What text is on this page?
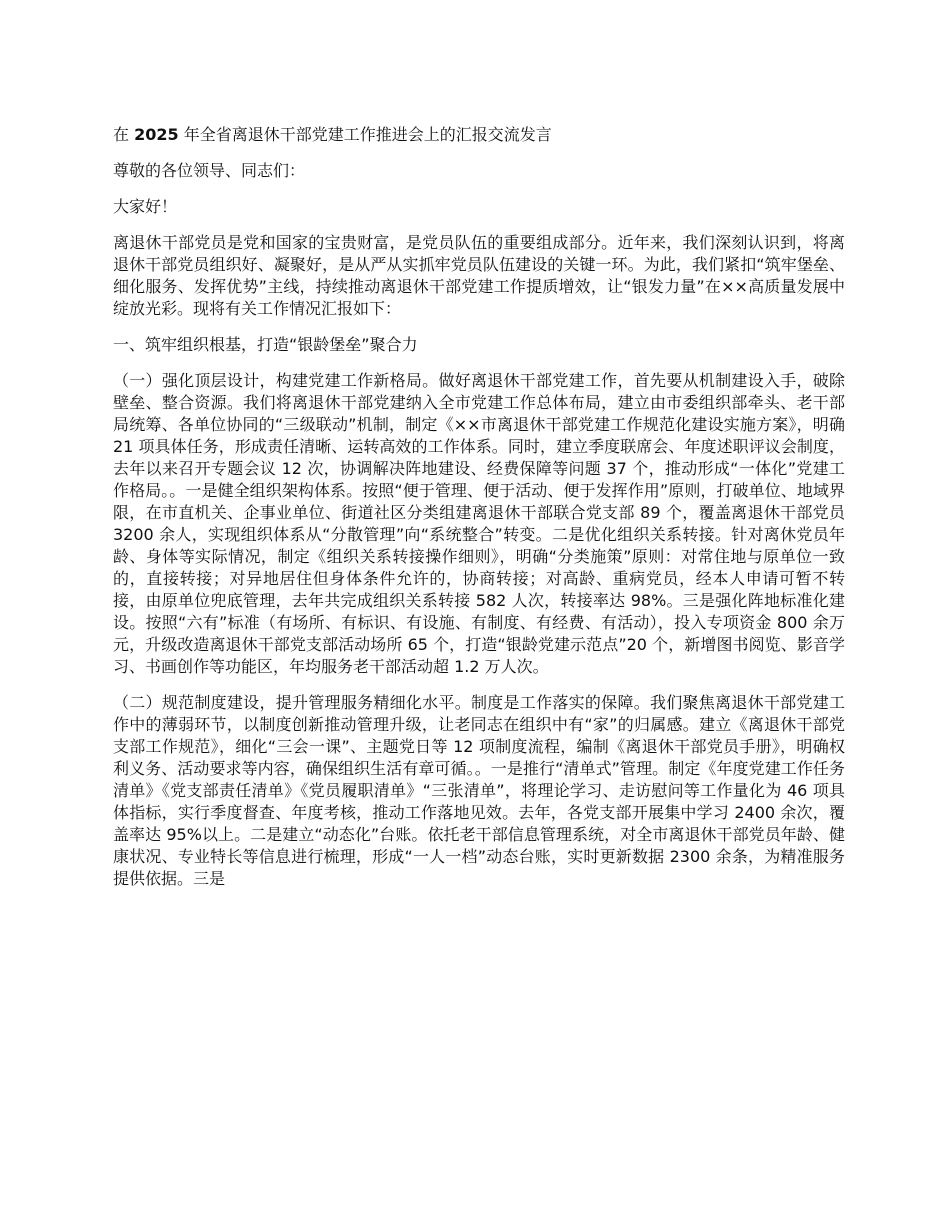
在 2025 年全省离退休干部党建工作推进会上的汇报交流发言

尊敬的各位领导、同志们：

大家好！

离退休干部党员是党和国家的宝贵财富，是党员队伍的重要组成部分。近年来，我们深刻认识到，将离退休干部党员组织好、凝聚好，是从严从实抓牢党员队伍建设的关键一环。为此，我们紧扣“筑牢堡垒、细化服务、发挥优势”主线，持续推动离退休干部党建工作提质增效，让“银发力量”在××高质量发展中绽放光彩。现将有关工作情况汇报如下：

一、筑牢组织根基，打造“银龄堡垒”聚合力

（一）强化顶层设计，构建党建工作新格局。做好离退休干部党建工作，首先要从机制建设入手，破除壁垒、整合资源。我们将离退休干部党建纳入全市党建工作总体布局，建立由市委组织部牵头、老干部局统筹、各单位协同的“三级联动”机制，制定《××市离退休干部党建工作规范化建设实施方案》，明确 21 项具体任务，形成责任清晰、运转高效的工作体系。同时，建立季度联席会、年度述职评议会制度，去年以来召开专题会议 12 次，协调解决阵地建设、经费保障等问题 37 个，推动形成“一体化”党建工作格局。。一是健全组织架构体系。按照“便于管理、便于活动、便于发挥作用”原则，打破单位、地域界限，在市直机关、企事业单位、街道社区分类组建离退休干部联合党支部 89 个，覆盖离退休干部党员 3200 余人，实现组织体系从“分散管理”向“系统整合”转变。二是优化组织关系转接。针对离休党员年龄、身体等实际情况，制定《组织关系转接操作细则》，明确“分类施策”原则：对常住地与原单位一致的，直接转接；对异地居住但身体条件允许的，协商转接；对高龄、重病党员，经本人申请可暂不转接，由原单位兜底管理，去年共完成组织关系转接 582 人次，转接率达 98%。三是强化阵地标准化建设。按照“六有”标准（有场所、有标识、有设施、有制度、有经费、有活动），投入专项资金 800 余万元，升级改造离退休干部党支部活动场所 65 个，打造“银龄党建示范点”20 个，新增图书阅览、影音学习、书画创作等功能区，年均服务老干部活动超 1.2 万人次。

（二）规范制度建设，提升管理服务精细化水平。制度是工作落实的保障。我们聚焦离退休干部党建工作中的薄弱环节，以制度创新推动管理升级，让老同志在组织中有“家”的归属感。建立《离退休干部党支部工作规范》，细化“三会一课”、主题党日等 12 项制度流程，编制《离退休干部党员手册》，明确权利义务、活动要求等内容，确保组织生活有章可循。。一是推行“清单式”管理。制定《年度党建工作任务清单》《党支部责任清单》《党员履职清单》“三张清单”，将理论学习、走访慰问等工作量化为 46 项具体指标，实行季度督查、年度考核，推动工作落地见效。去年，各党支部开展集中学习 2400 余次，覆盖率达 95%以上。二是建立“动态化”台账。依托老干部信息管理系统，对全市离退休干部党员年龄、健康状况、专业特长等信息进行梳理，形成“一人一档”动态台账，实时更新数据 2300 余条，为精准服务提供依据。三是
